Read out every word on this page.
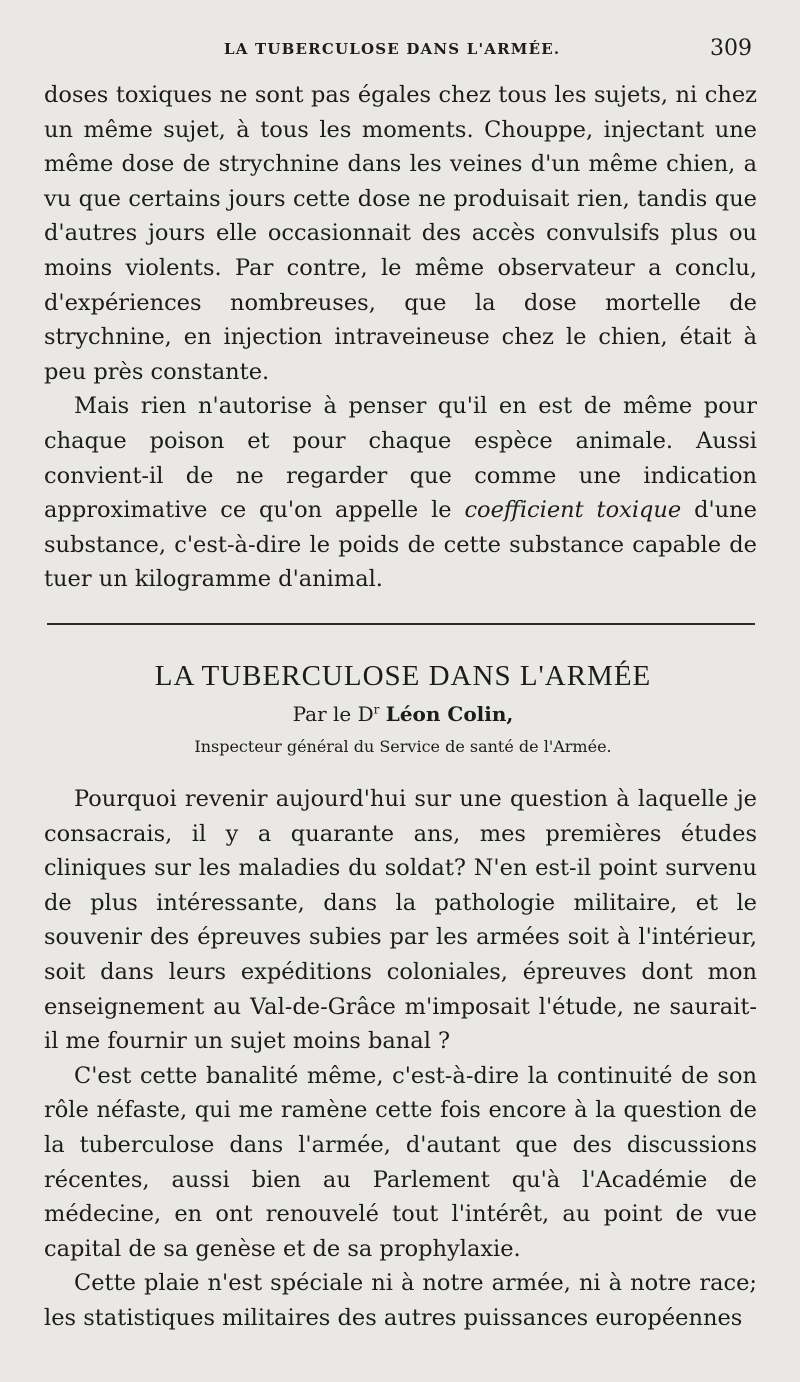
LA TUBERCULOSE DANS L'ARMÉE.	309

doses toxiques ne sont pas égales chez tous les sujets, ni chez un même sujet, à tous les moments. Chouppe, injectant une même dose de strychnine dans les veines d'un même chien, a vu que certains jours cette dose ne produisait rien, tandis que d'autres jours elle occasionnait des accès convulsifs plus ou moins violents. Par contre, le même observateur a conclu, d'expériences nombreuses, que la dose mortelle de strychnine, en injection intraveineuse chez le chien, était à peu près constante.

Mais rien n'autorise à penser qu'il en est de même pour chaque poison et pour chaque espèce animale. Aussi convient-il de ne regarder que comme une indication approximative ce qu'on appelle le coefficient toxique d'une substance, c'est-à-dire le poids de cette substance capable de tuer un kilogramme d'animal.

LA TUBERCULOSE DANS L'ARMÉE
Par le $D^r$ Léon Colin,
Inspecteur général du Service de santé de l'Armée.

Pourquoi revenir aujourd'hui sur une question à laquelle je consacrais, il y a quarante ans, mes premières études cliniques sur les maladies du soldat? N'en est-il point survenu de plus intéressante, dans la pathologie militaire, et le souvenir des épreuves subies par les armées soit à l'intérieur, soit dans leurs expéditions coloniales, épreuves dont mon enseignement au Val-de-Grâce m'imposait l'étude, ne saurait-il me fournir un sujet moins banal ?

C'est cette banalité même, c'est-à-dire la continuité de son rôle néfaste, qui me ramène cette fois encore à la question de la tuberculose dans l'armée, d'autant que des discussions récentes, aussi bien au Parlement qu'à l'Académie de médecine, en ont renouvelé tout l'intérêt, au point de vue capital de sa genèse et de sa prophylaxie.

Cette plaie n'est spéciale ni à notre armée, ni à notre race; les statistiques militaires des autres puissances européennes
